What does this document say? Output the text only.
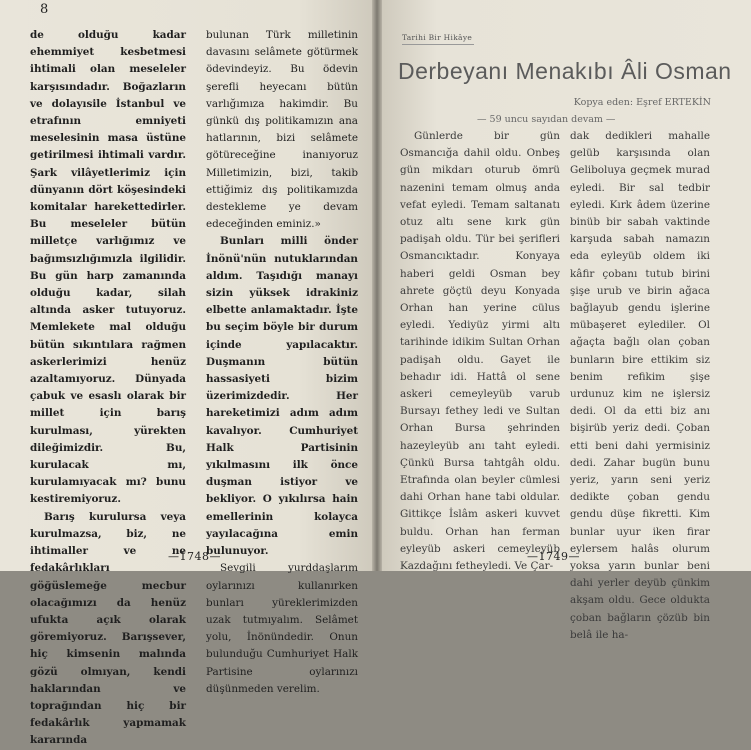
8

de olduğu kadar ehemmiyet kesbetmesi ihtimali olan meseleler karşısındadır. Boğazların ve dolayısile İstanbul ve etrafının emniyeti meselesinin masa üstüne getirilmesi ihtimali vardır. Şark vilâyetlerimiz için dünyanın dört köşesindeki komitalar harekettedirler. Bu meseleler bütün milletçe varlığımız ve bağımsızlığımızla ilgilidir. Bu gün harp zamanında olduğu kadar, silah altında asker tutuyoruz. Memlekete mal olduğu bütün sıkıntılara rağmen askerlerimizi henüz azaltamıyoruz. Dünyada çabuk ve esaslı olarak bir millet için barış kurulması, yürekten dileğimizdir. Bu, kurulacak mı, kurulamıyacak mı? bunu kestiremiyoruz.

Barış kurulursa veya kurulmazsa, biz, ne ihtimaller ve ne fedakârlıkları göğüslemeğe mecbur olacağımızı da henüz ufukta açık olarak göremiyoruz. Barışsever, hiç kimsenin malında gözü olmıyan, kendi haklarından ve toprağından hiç bir fedakârlık yapmamak kararında

bulunan Türk milletinin davasını selâmete götürmek ödevindeyiz. Bu ödevin şerefli heyecanı bütün varlığımıza hakimdir. Bu günkü dış politikamızın ana hatlarının, bizi selâmete götüreceğine inanıyoruz Milletimizin, bizi, takib ettiğimiz dış politikamızda destekleme ye devam edeceğinden eminiz.»

Bunları milli önder İnönü'nün nutuklarından aldım. Taşıdığı manayı sizin yüksek idrakiniz elbette anlamaktadır. İşte bu seçim böyle bir durum içinde yapılacaktır. Duşmanın bütün hassasiyeti bizim üzerimizdedir. Her hareketimizi adım adım kavalıyor. Cumhuriyet Halk Partisinin yıkılmasını ilk önce duşman istiyor ve bekliyor. O yıkılırsa hain emellerinin kolayca yayılacağına emin bulunuyor.

Sevgili yurddaşlarım oylarınızı kullanırken bunları yüreklerimizden uzak tutmıyalım. Selâmet yolu, İnönündedir. Onun bulunduğu Cumhuriyet Halk Partisine oylarınızı düşünmeden verelim.

—1748—
Tarihi Bir Hikâye
Derbeyanı Menakıbı Âli Osman
Kopya eden: Eşref ERTEKİN
— 59 uncu sayıdan devam —

Günlerde bir gün Osmancığa dahil oldu. Onbeş gün mikdarı oturub ömrü nazenini temam olmuş anda vefat eyledi. Temam saltanatı otuz altı sene kırk gün padişah oldu. Tür bei şerifleri Osmancıktadır. Konyaya haberi geldi Osman bey ahrete göçtü deyu Konyada Orhan han yerine cülus eyledi. Yediyüz yirmi altı tarihinde idikim Sultan Orhan padişah oldu. Gayet ile behadır idi. Hattâ ol sene askeri cemeyleyüb varub Bursayı fethey ledi ve Sultan Orhan Bursa şehrinden hazeyleyüb anı taht eyledi. Çünkü Bursa tahtgâh oldu. Etrafında olan beyler cümlesi dahi Orhan hane tabi oldular. Gittikçe İslâm askeri kuvvet buldu. Orhan han ferman eyleyüb askeri cemeyleyüb Kazdağını fetheyledi. Ve Çar-

dak dedikleri mahalle gelüb karşısında olan Geliboluya geçmek murad eyledi. Bir sal tedbir eyledi. Kırk âdem üzerine binüb bir sabah vaktinde karşuda sabah namazın eda eyleyüb oldem iki kâfir çobanı tutub birini şişe urub ve birin ağaca bağlayub gendu işlerine mübaşeret eylediler. Ol ağaçta bağlı olan çoban bunların bire ettikim siz benim refikim şişe urdunuz kim ne işlersiz dedi. Ol da etti biz anı bişirüb yeriz dedi. Çoban etti beni dahi yermisiniz dedi. Zahar bugün bunu yeriz, yarın seni yeriz dedikte çoban gendu gendu düşe fikretti. Kim bunlar uyur iken firar eylersem halâs olurum yoksa yarın bunlar beni dahi yerler deyüb çünkim akşam oldu. Gece oldukta çoban bağların çözüb bin belâ ile ha-

—1749—
